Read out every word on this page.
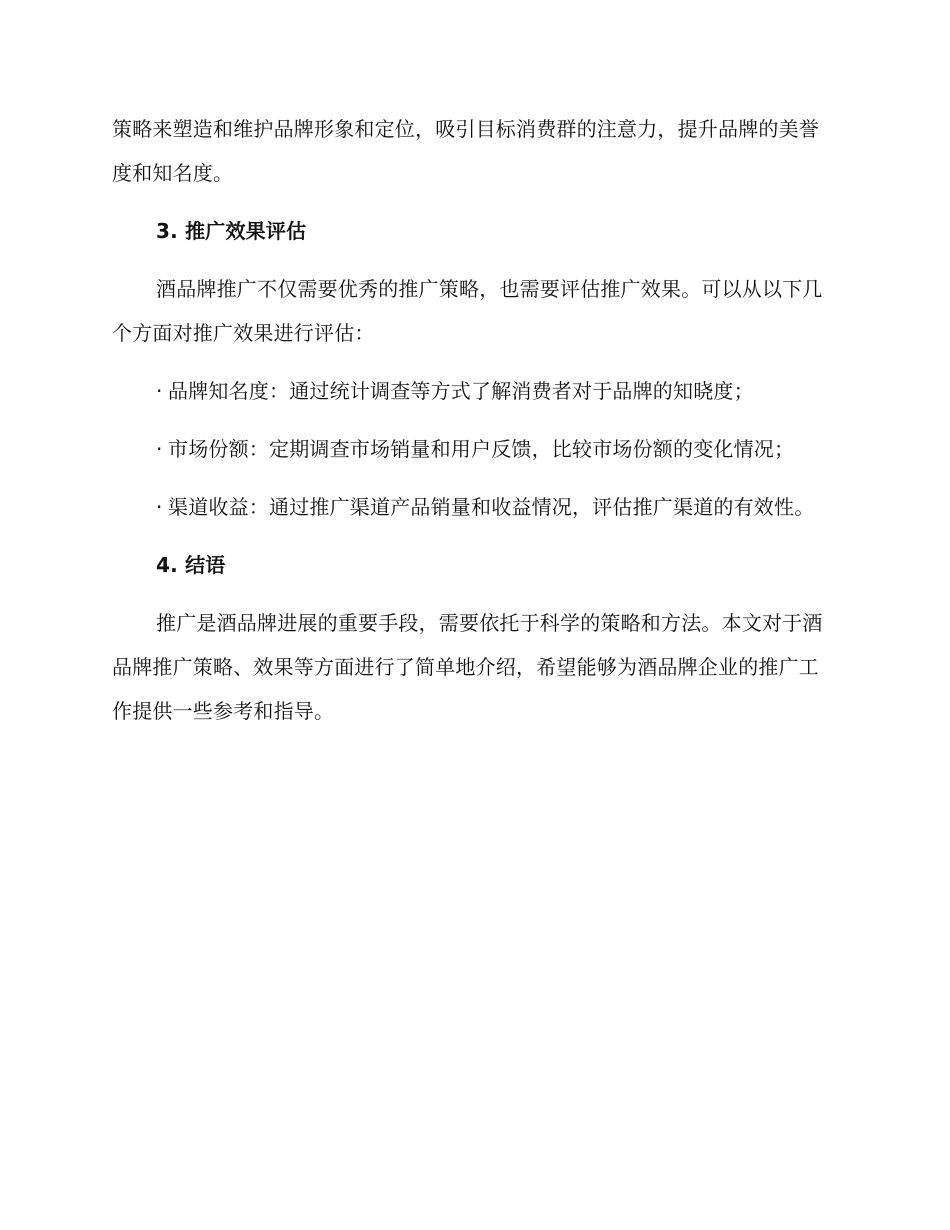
策略来塑造和维护品牌形象和定位，吸引目标消费群的注意力，提升品牌的美誉度和知名度。

3. 推广效果评估

酒品牌推广不仅需要优秀的推广策略，也需要评估推广效果。可以从以下几个方面对推广效果进行评估：

· 品牌知名度：通过统计调查等方式了解消费者对于品牌的知晓度；

· 市场份额：定期调查市场销量和用户反馈，比较市场份额的变化情况；

· 渠道收益：通过推广渠道产品销量和收益情况，评估推广渠道的有效性。

4. 结语

推广是酒品牌进展的重要手段，需要依托于科学的策略和方法。本文对于酒品牌推广策略、效果等方面进行了简单地介绍，希望能够为酒品牌企业的推广工作提供一些参考和指导。
